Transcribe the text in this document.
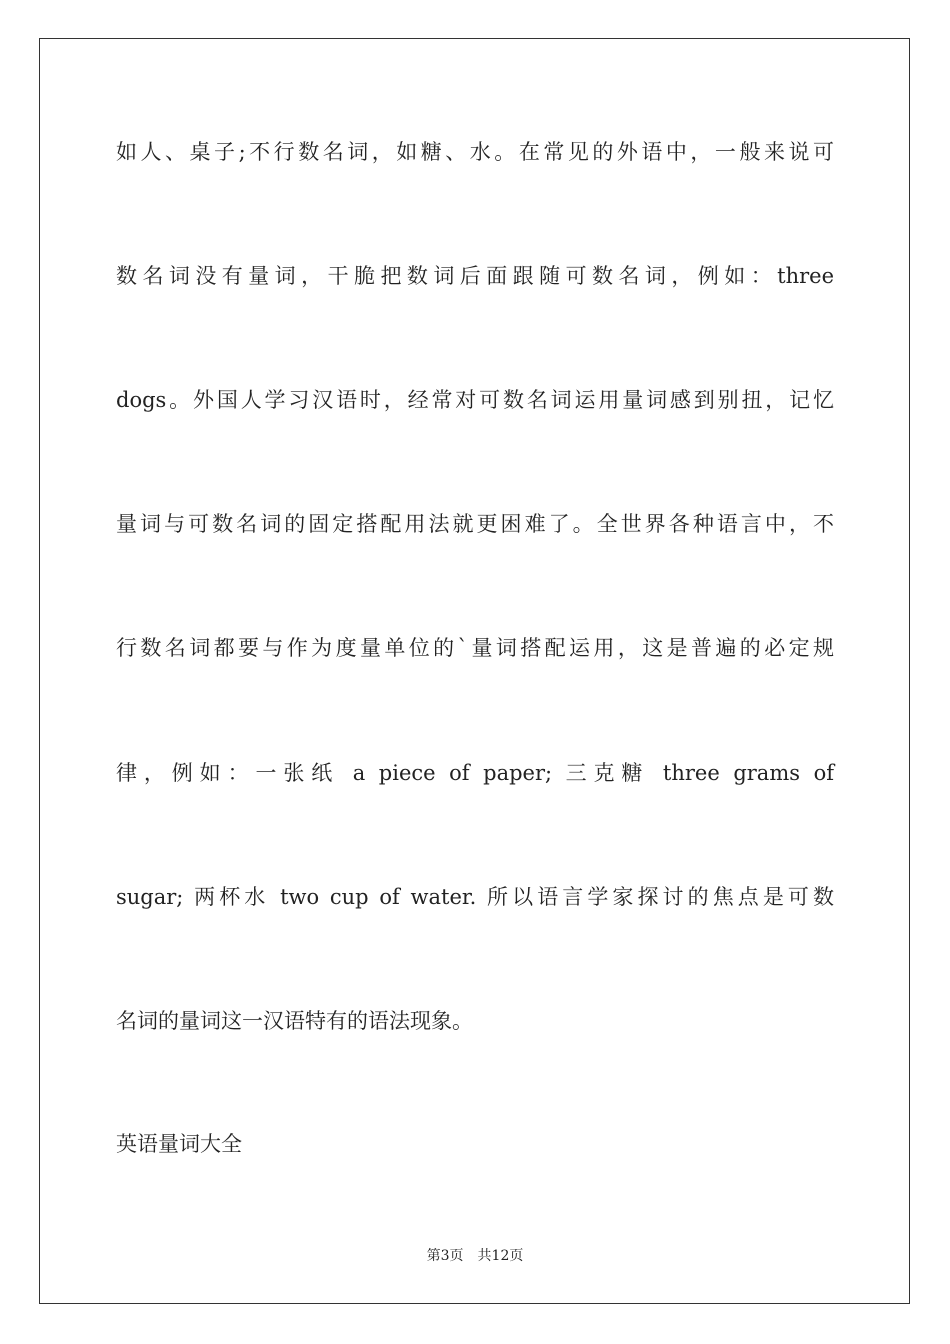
如人、桌子;不行数名词，如糖、水。在常见的外语中，一般来说可
数名词没有量词，干脆把数词后面跟随可数名词，例如：three
dogs。外国人学习汉语时，经常对可数名词运用量词感到别扭，记忆
量词与可数名词的固定搭配用法就更困难了。全世界各种语言中，不
行数名词都要与作为度量单位的`量词搭配运用，这是普遍的必定规
律，例如：一张纸 a piece of paper; 三克糖 three grams of
sugar; 两杯水 two cup of water. 所以语言学家探讨的焦点是可数
名词的量词这一汉语特有的语法现象。
英语量词大全
第3页 共12页
